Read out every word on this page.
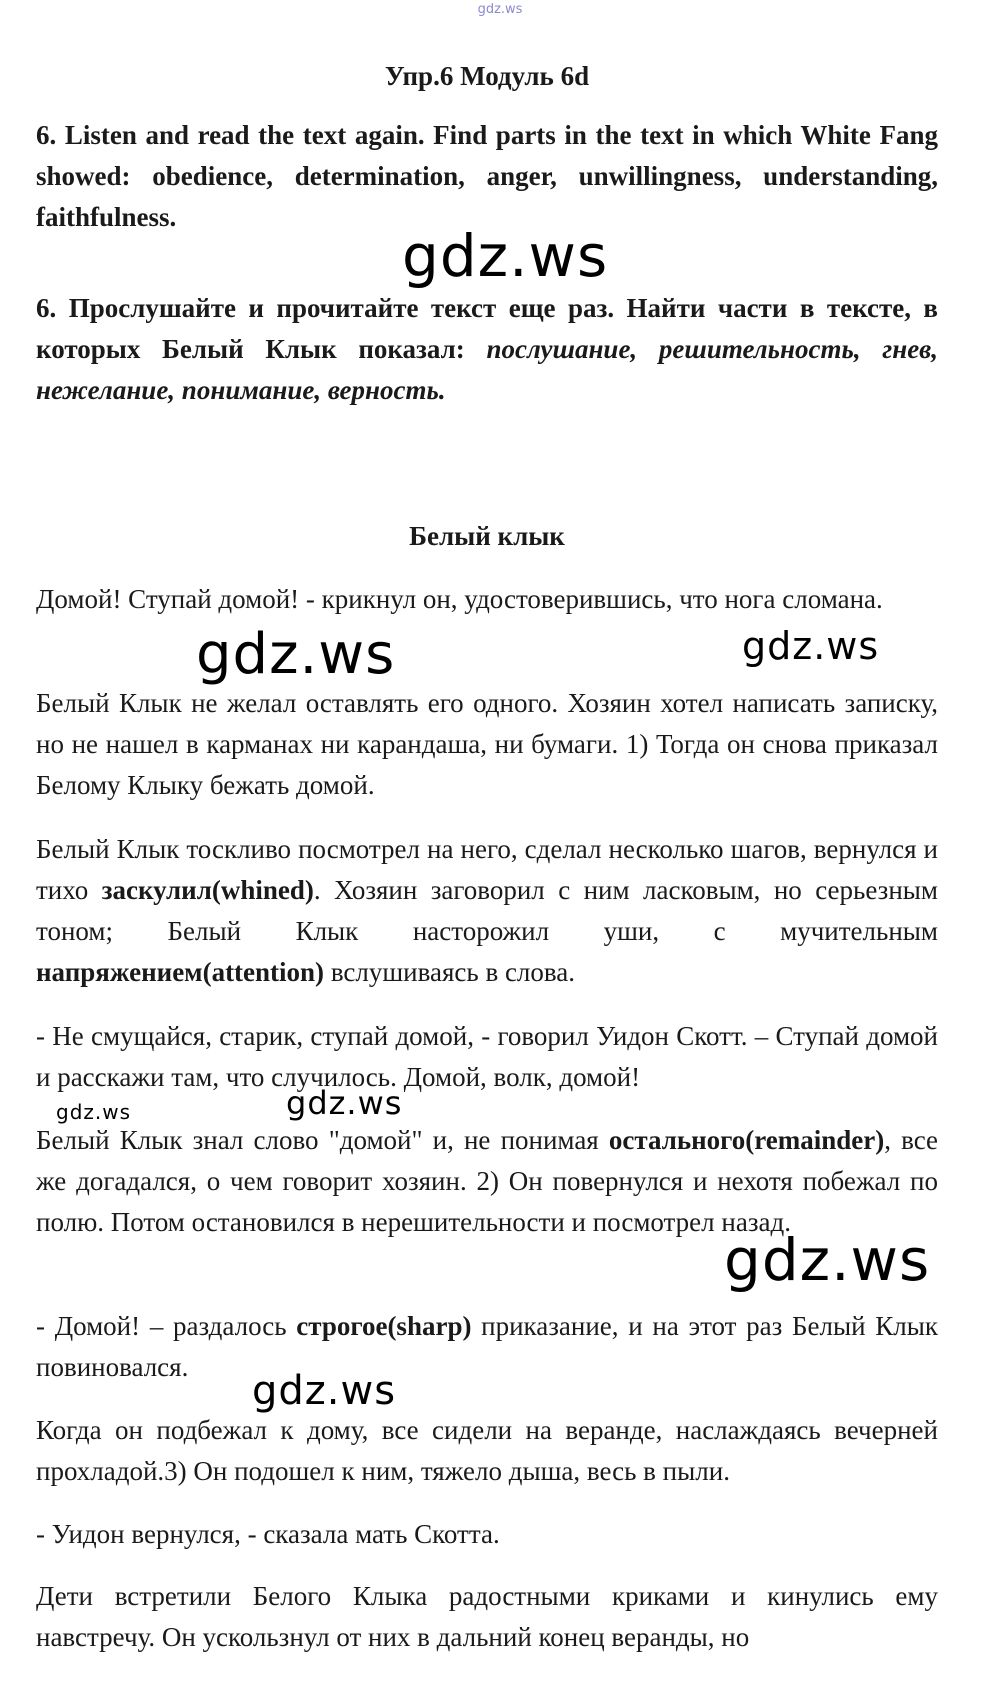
gdz.ws
Упр.6 Модуль 6d
6. Listen and read the text again. Find parts in the text in which White Fang showed: obedience, determination, anger, unwillingness, understanding, faithfulness.
6. Прослушайте и прочитайте текст еще раз. Найти части в тексте, в которых Белый Клык показал: послушание, решительность, гнев, нежелание, понимание, верность.
Белый клык
Домой! Ступай домой! - крикнул он, удостоверившись, что нога сломана.
Белый Клык не желал оставлять его одного. Хозяин хотел написать записку, но не нашел в карманах ни карандаша, ни бумаги. 1) Тогда он снова приказал Белому Клыку бежать домой.
Белый Клык тоскливо посмотрел на него, сделал несколько шагов, вернулся и тихо заскулил(whined). Хозяин заговорил с ним ласковым, но серьезным тоном; Белый Клык насторожил уши, с мучительным напряжением(attention) вслушиваясь в слова.
- Не смущайся, старик, ступай домой, - говорил Уидон Скотт. – Ступай домой и расскажи там, что случилось. Домой, волк, домой!
Белый Клык знал слово "домой" и, не понимая остального(remainder), все же догадался, о чем говорит хозяин. 2) Он повернулся и нехотя побежал по полю. Потом остановился в нерешительности и посмотрел назад.
- Домой! – раздалось строгое(sharp) приказание, и на этот раз Белый Клык повиновался.
Когда он подбежал к дому, все сидели на веранде, наслаждаясь вечерней прохладой.3) Он подошел к ним, тяжело дыша, весь в пыли.
- Уидон вернулся, - сказала мать Скотта.
Дети встретили Белого Клыка радостными криками и кинулись ему навстречу. Он ускользнул от них в дальний конец веранды, но
gdz.ws
gdz.ws	gdz.ws
gdz.ws	gdz.ws
gdz.ws
gdz.ws
